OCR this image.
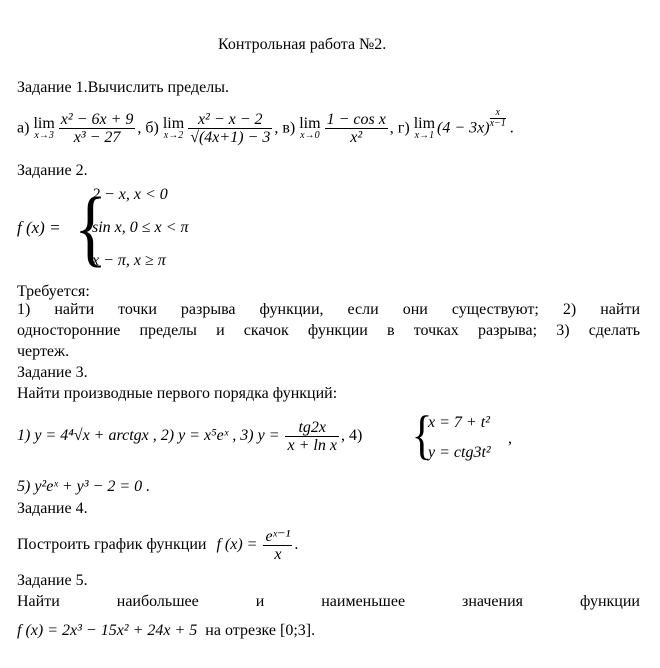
Контрольная работа №2.
Задание 1.Вычислить пределы.
а) lim
$x\to 3 \frac{\text{x² − 6x + 9}}{\text{x³ − 27}}$ , б) lim
$x\to 2 \frac{\text{x² − x − 2}}{√(4x+1) - 3}$ , в) lim
$x\to 0 \frac{\text{1 − cos x}}{\text{x²}}$ , г) lim
x→1 $(4 - 3x) \frac{x}{x-1}$ .
Задание 2.
f (x) = {
2 − x, x < 0
sin x, 0 ≤ x < π
x − π, x ≥ π
Требуется:
1) найти точки разрыва функции, если они существуют; 2) найти
односторонние пределы и скачок функции в точках разрыва; 3) сделать
чертеж.
Задание 3.
Найти производные первого порядка функций:
1) y = 4⁴√x + arctgx , 2) y = x⁵eˣ , 3) $y = \frac{tg2x}{\text{x + ln x}}$ , 4) {
x = 7 + t²
y = ctg3t²
,
5) y²eˣ + y³ − 2 = 0 .
Задание 4.
Построить график функции f $(x) = \frac{\text{eˣ⁻¹}}{x}$ .
Задание 5.
Найти наибольшее и наименьшее значения функции
f (x) = 2x³ − 15x² + 24x + 5 на отрезке [0;3].
